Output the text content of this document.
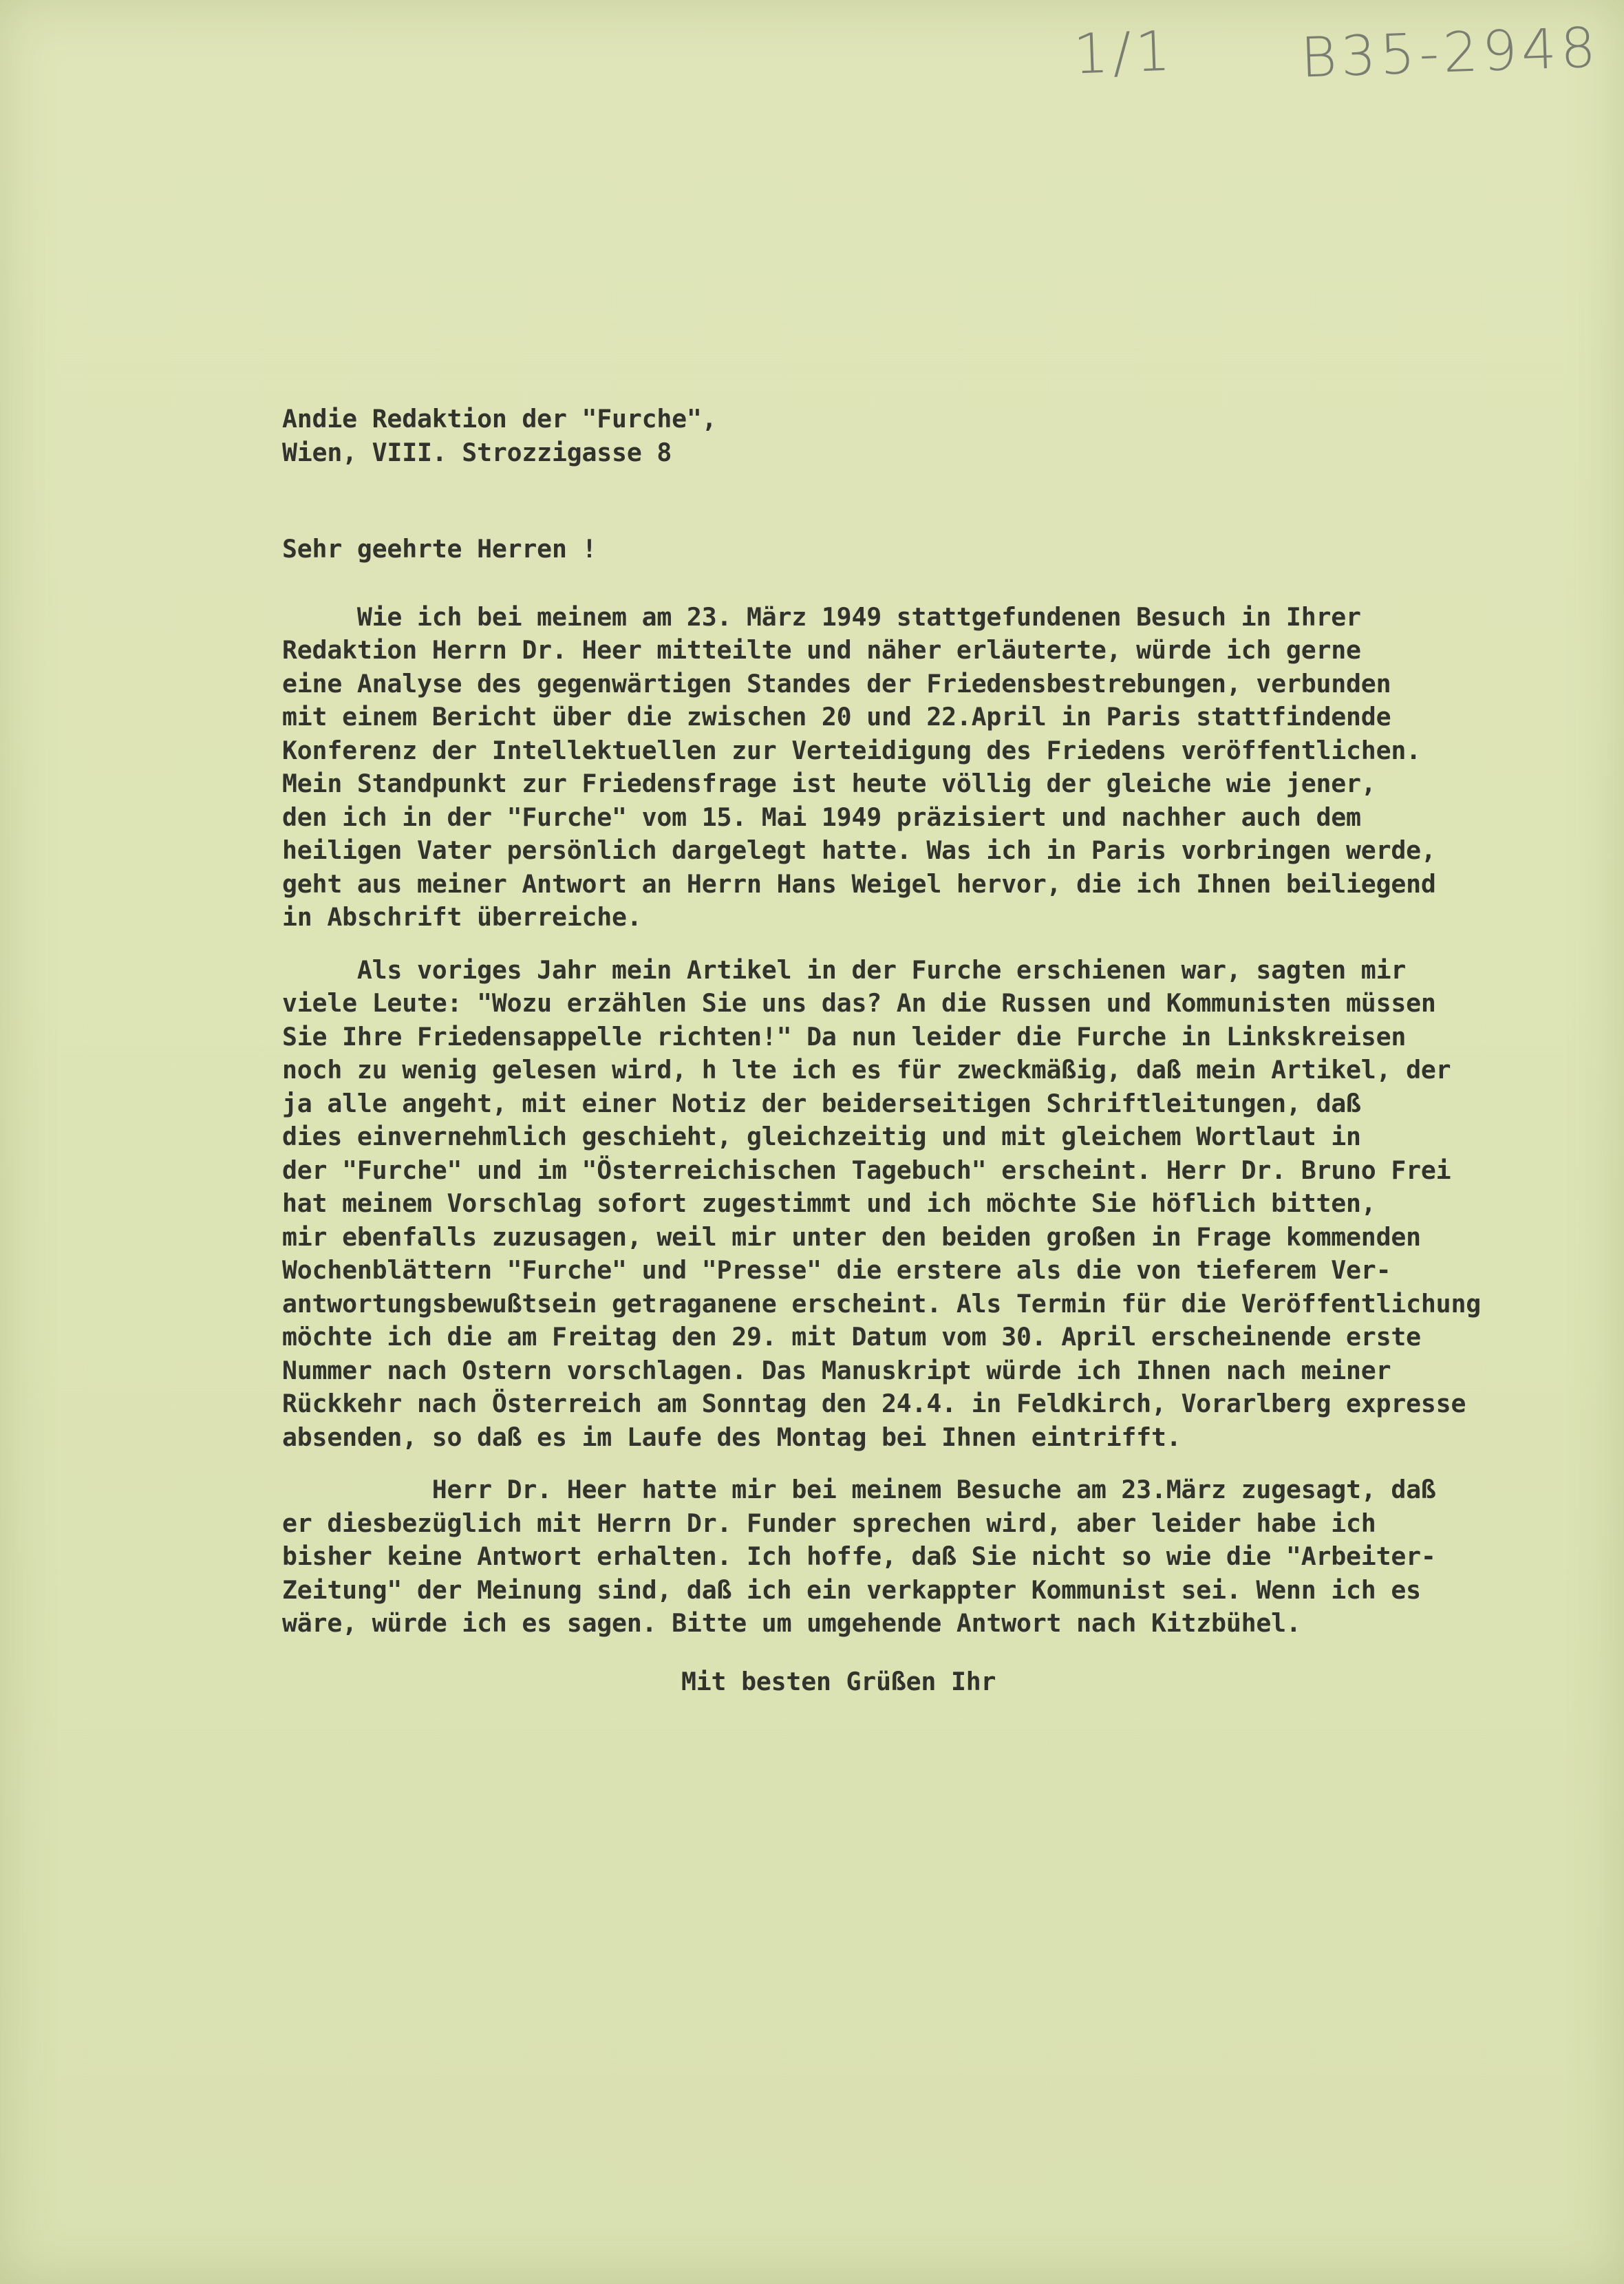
1/1 B35-2948
Andie Redaktion der "Furche",
Wien, VIII. Strozzigasse 8
Sehr geehrte Herren !
Wie ich bei meinem am 23. März 1949 stattgefundenen Besuch in Ihrer
Redaktion Herrn Dr. Heer mitteilte und näher erläuterte, würde ich gerne
eine Analyse des gegenwärtigen Standes der Friedensbestrebungen, verbunden
mit einem Bericht über die zwischen 20 und 22.April in Paris stattfindende
Konferenz der Intellektuellen zur Verteidigung des Friedens veröffentlichen.
Mein Standpunkt zur Friedensfrage ist heute völlig der gleiche wie jener,
den ich in der "Furche" vom 15. Mai 1949 präzisiert und nachher auch dem
heiligen Vater persönlich dargelegt hatte. Was ich in Paris vorbringen werde,
geht aus meiner Antwort an Herrn Hans Weigel hervor, die ich Ihnen beiliegend
in Abschrift überreiche.
Als voriges Jahr mein Artikel in der Furche erschienen war, sagten mir
viele Leute: "Wozu erzählen Sie uns das? An die Russen und Kommunisten müssen
Sie Ihre Friedensappelle richten!" Da nun leider die Furche in Linkskreisen
noch zu wenig gelesen wird, h lte ich es für zweckmäßig, daß mein Artikel, der
ja alle angeht, mit einer Notiz der beiderseitigen Schriftleitungen, daß
dies einvernehmlich geschieht, gleichzeitig und mit gleichem Wortlaut in
der "Furche" und im "Österreichischen Tagebuch" erscheint. Herr Dr. Bruno Frei
hat meinem Vorschlag sofort zugestimmt und ich möchte Sie höflich bitten,
mir ebenfalls zuzusagen, weil mir unter den beiden großen in Frage kommenden
Wochenblättern "Furche" und "Presse" die erstere als die von tieferem Ver-
antwortungsbewußtsein getraganene erscheint. Als Termin für die Veröffentlichung
möchte ich die am Freitag den 29. mit Datum vom 30. April erscheinende erste
Nummer nach Ostern vorschlagen. Das Manuskript würde ich Ihnen nach meiner
Rückkehr nach Österreich am Sonntag den 24.4. in Feldkirch, Vorarlberg expresse
absenden, so daß es im Laufe des Montag bei Ihnen eintrifft.
Herr Dr. Heer hatte mir bei meinem Besuche am 23.März zugesagt, daß
er diesbezüglich mit Herrn Dr. Funder sprechen wird, aber leider habe ich
bisher keine Antwort erhalten. Ich hoffe, daß Sie nicht so wie die "Arbeiter-
Zeitung" der Meinung sind, daß ich ein verkappter Kommunist sei. Wenn ich es
wäre, würde ich es sagen. Bitte um umgehende Antwort nach Kitzbühel.
Mit besten Grüßen Ihr
